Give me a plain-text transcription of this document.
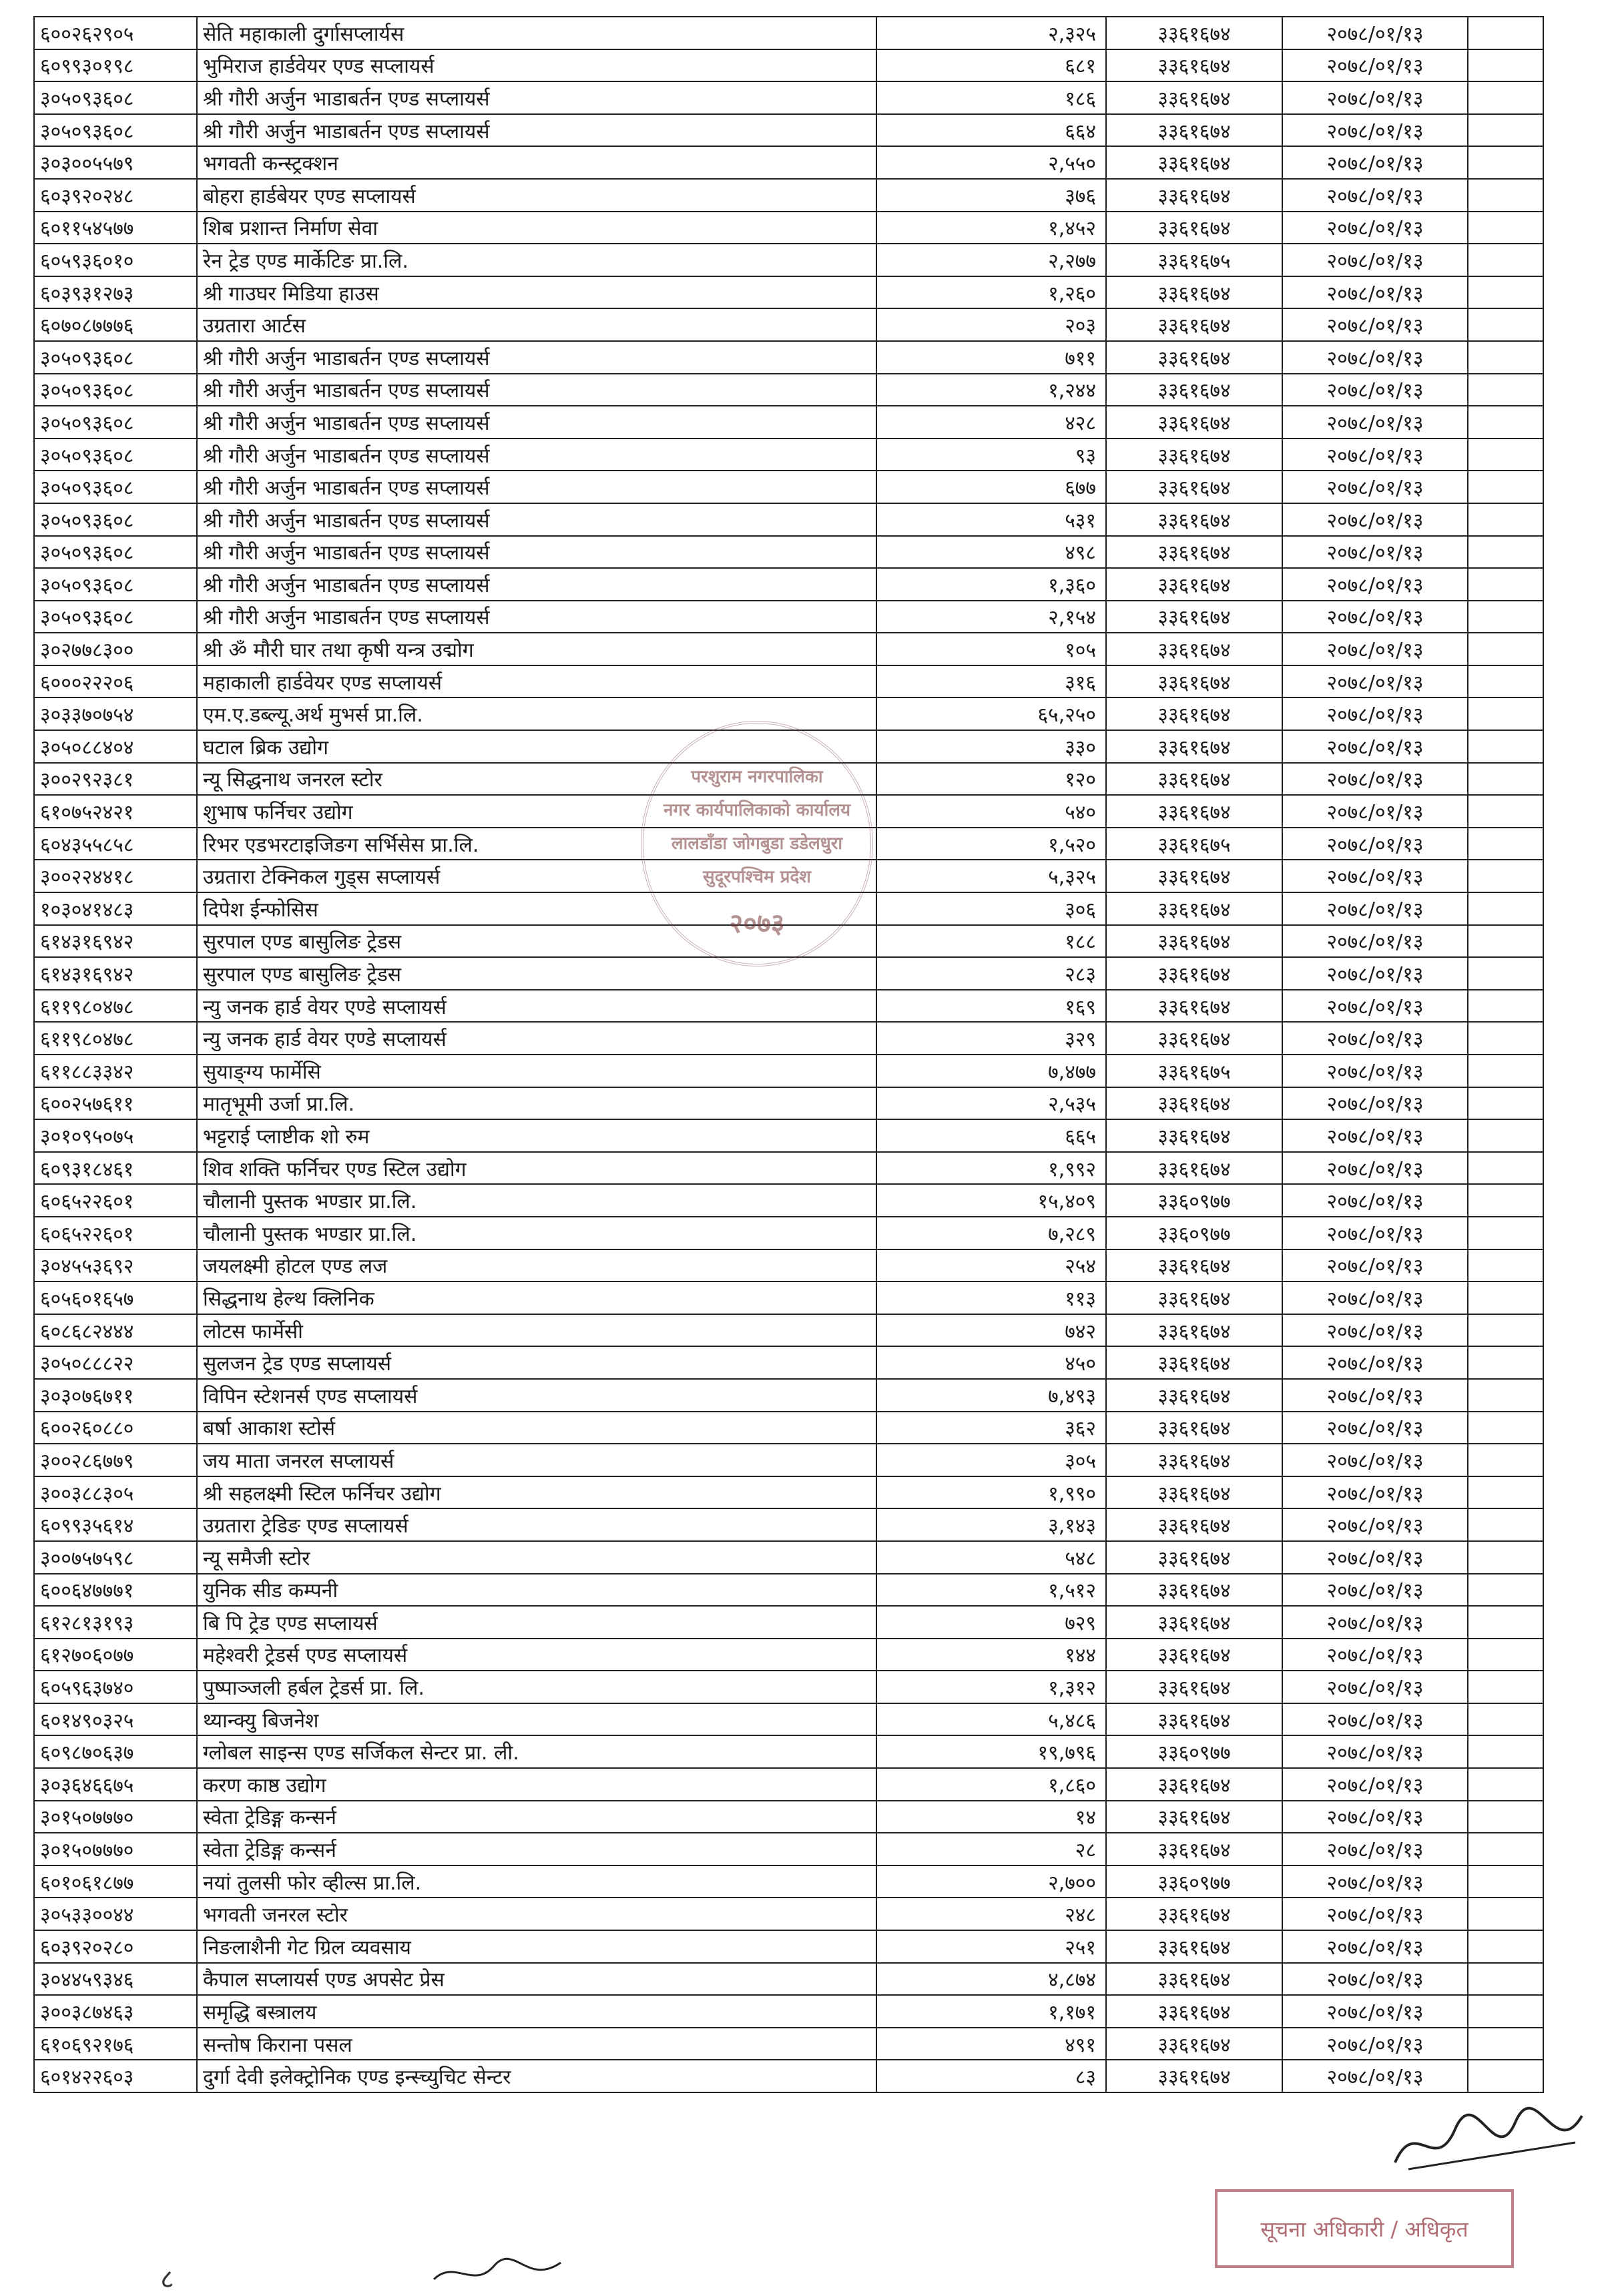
६००२६२९०५	सेति महाकाली दुर्गासप्लार्यस	२,३२५	३३६१६७४	२०७८/०१/१३	
६०९९३०१९८	भुमिराज हार्डवेयर एण्ड सप्लायर्स	६८१	३३६१६७४	२०७८/०१/१३	
३०५०९३६०८	श्री गौरी अर्जुन भाडाबर्तन एण्ड सप्लायर्स	१८६	३३६१६७४	२०७८/०१/१३	
३०५०९३६०८	श्री गौरी अर्जुन भाडाबर्तन एण्ड सप्लायर्स	६६४	३३६१६७४	२०७८/०१/१३	
३०३००५५७९	भगवती कन्स्ट्रक्शन	२,५५०	३३६१६७४	२०७८/०१/१३	
६०३९२०२४८	बोहरा हार्डबेयर एण्ड सप्लायर्स	३७६	३३६१६७४	२०७८/०१/१३	
६०११५४५७७	शिब प्रशान्त निर्माण सेवा	१,४५२	३३६१६७४	२०७८/०१/१३	
६०५९३६०१०	रेन ट्रेड एण्ड मार्केटिङ प्रा.लि.	२,२७७	३३६१६७५	२०७८/०१/१३	
६०३९३१२७३	श्री गाउघर मिडिया हाउस	१,२६०	३३६१६७४	२०७८/०१/१३	
६०७०८७७७६	उग्रतारा आर्टस	२०३	३३६१६७४	२०७८/०१/१३	
३०५०९३६०८	श्री गौरी अर्जुन भाडाबर्तन एण्ड सप्लायर्स	७११	३३६१६७४	२०७८/०१/१३	
३०५०९३६०८	श्री गौरी अर्जुन भाडाबर्तन एण्ड सप्लायर्स	१,२४४	३३६१६७४	२०७८/०१/१३	
३०५०९३६०८	श्री गौरी अर्जुन भाडाबर्तन एण्ड सप्लायर्स	४२८	३३६१६७४	२०७८/०१/१३	
३०५०९३६०८	श्री गौरी अर्जुन भाडाबर्तन एण्ड सप्लायर्स	९३	३३६१६७४	२०७८/०१/१३	
३०५०९३६०८	श्री गौरी अर्जुन भाडाबर्तन एण्ड सप्लायर्स	६७७	३३६१६७४	२०७८/०१/१३	
३०५०९३६०८	श्री गौरी अर्जुन भाडाबर्तन एण्ड सप्लायर्स	५३१	३३६१६७४	२०७८/०१/१३	
३०५०९३६०८	श्री गौरी अर्जुन भाडाबर्तन एण्ड सप्लायर्स	४९८	३३६१६७४	२०७८/०१/१३	
३०५०९३६०८	श्री गौरी अर्जुन भाडाबर्तन एण्ड सप्लायर्स	१,३६०	३३६१६७४	२०७८/०१/१३	
३०५०९३६०८	श्री गौरी अर्जुन भाडाबर्तन एण्ड सप्लायर्स	२,१५४	३३६१६७४	२०७८/०१/१३	
३०२७७८३००	श्री ॐ मौरी घार तथा कृषी यन्त्र उद्मोग	१०५	३३६१६७४	२०७८/०१/१३	
६०००२२२०६	महाकाली हार्डवेयर एण्ड सप्लायर्स	३१६	३३६१६७४	२०७८/०१/१३	
३०३३७०७५४	एम.ए.डब्ल्यू.अर्थ मुभर्स प्रा.लि.	६५,२५०	३३६१६७४	२०७८/०१/१३	
३०५०८८४०४	घटाल ब्रिक उद्योग	३३०	३३६१६७४	२०७८/०१/१३	
३००२९२३८१	न्यू सिद्धनाथ जनरल स्टोर	१२०	३३६१६७४	२०७८/०१/१३	
६१०७५२४२१	शुभाष फर्निचर उद्योग	५४०	३३६१६७४	२०७८/०१/१३	
६०४३५५८५८	रिभर एडभरटाइजिङग सर्भिसेस प्रा.लि.	१,५२०	३३६१६७५	२०७८/०१/१३	
३००२२४४१८	उग्रतारा टेक्निकल गुड्स सप्लायर्स	५,३२५	३३६१६७४	२०७८/०१/१३	
१०३०४१४८३	दिपेश ईन्फोसिस	३०६	३३६१६७४	२०७८/०१/१३	
६१४३१६९४२	सुरपाल एण्ड बासुलिङ ट्रेडस	१८८	३३६१६७४	२०७८/०१/१३	
६१४३१६९४२	सुरपाल एण्ड बासुलिङ ट्रेडस	२८३	३३६१६७४	२०७८/०१/१३	
६११९८०४७८	न्यु जनक हार्ड वेयर एण्डे सप्लायर्स	१६९	३३६१६७४	२०७८/०१/१३	
६११९८०४७८	न्यु जनक हार्ड वेयर एण्डे सप्लायर्स	३२९	३३६१६७४	२०७८/०१/१३	
६११८८३३४२	सुयाङ्ग्य फार्मेसि	७,४७७	३३६१६७५	२०७८/०१/१३	
६००२५७६११	मातृभूमी उर्जा प्रा.लि.	२,५३५	३३६१६७४	२०७८/०१/१३	
३०१०९५०७५	भट्टराई प्लाष्टीक शो रुम	६६५	३३६१६७४	२०७८/०१/१३	
६०९३१८४६१	शिव शक्ति फर्निचर एण्ड स्टिल उद्योग	१,९९२	३३६१६७४	२०७८/०१/१३	
६०६५२२६०१	चौलानी पुस्तक भण्डार प्रा.लि.	१५,४०९	३३६०९७७	२०७८/०१/१३	
६०६५२२६०१	चौलानी पुस्तक भण्डार प्रा.लि.	७,२८९	३३६०९७७	२०७८/०१/१३	
३०४५५३६९२	जयलक्ष्मी होटल एण्ड लज	२५४	३३६१६७४	२०७८/०१/१३	
६०५६०१६५७	सिद्धनाथ हेल्थ क्लिनिक	११३	३३६१६७४	२०७८/०१/१३	
६०८६८२४४४	लोटस फार्मेसी	७४२	३३६१६७४	२०७८/०१/१३	
३०५०८८८२२	सुलजन ट्रेड एण्ड सप्लायर्स	४५०	३३६१६७४	२०७८/०१/१३	
३०३०७६७११	विपिन स्टेशनर्स एण्ड सप्लायर्स	७,४९३	३३६१६७४	२०७८/०१/१३	
६००२६०८८०	बर्षा आकाश स्टोर्स	३६२	३३६१६७४	२०७८/०१/१३	
३००२८६७७९	जय माता जनरल सप्लायर्स	३०५	३३६१६७४	२०७८/०१/१३	
३००३८८३०५	श्री सहलक्ष्मी स्टिल फर्निचर उद्योग	१,९९०	३३६१६७४	२०७८/०१/१३	
६०९९३५६१४	उग्रतारा ट्रेडिङ एण्ड सप्लायर्स	३,१४३	३३६१६७४	२०७८/०१/१३	
३००७५७५९८	न्यू समैजी स्टोर	५४८	३३६१६७४	२०७८/०१/१३	
६००६४७७७१	युनिक सीड कम्पनी	१,५१२	३३६१६७४	२०७८/०१/१३	
६१२८१३१९३	बि पि ट्रेड एण्ड सप्लायर्स	७२९	३३६१६७४	२०७८/०१/१३	
६१२७०६०७७	महेश्वरी ट्रेडर्स एण्ड सप्लायर्स	१४४	३३६१६७४	२०७८/०१/१३	
६०५९६३७४०	पुष्पाञ्जली हर्बल ट्रेडर्स प्रा. लि.	१,३१२	३३६१६७४	२०७८/०१/१३	
६०१४९०३२५	थ्यान्क्यु बिजनेश	५,४८६	३३६१६७४	२०७८/०१/१३	
६०९८७०६३७	ग्लोबल साइन्स एण्ड सर्जिकल सेन्टर प्रा. ली.	१९,७९६	३३६०९७७	२०७८/०१/१३	
३०३६४६६७५	करण काष्ठ उद्योग	१,८६०	३३६१६७४	२०७८/०१/१३	
३०१५०७७७०	स्वेता ट्रेडिङ्ग कन्सर्न	१४	३३६१६७४	२०७८/०१/१३	
३०१५०७७७०	स्वेता ट्रेडिङ्ग कन्सर्न	२८	३३६१६७४	२०७८/०१/१३	
६०१०६१८७७	नयां तुलसी फोर व्हील्स प्रा.लि.	२,७००	३३६०९७७	२०७८/०१/१३	
३०५३३००४४	भगवती जनरल स्टोर	२४८	३३६१६७४	२०७८/०१/१३	
६०३९२०२८०	निङलाशैनी गेट ग्रिल व्यवसाय	२५१	३३६१६७४	२०७८/०१/१३	
३०४४५९३४६	कैपाल सप्लायर्स एण्ड अपसेट प्रेस	४,८७४	३३६१६७४	२०७८/०१/१३	
३००३८७४६३	समृद्धि बस्त्रालय	१,१७१	३३६१६७४	२०७८/०१/१३	
६१०६९२१७६	सन्तोष किराना पसल	४९१	३३६१६७४	२०७८/०१/१३	
६०१४२२६०३	दुर्गा देवी इलेक्ट्रोनिक एण्ड इन्स्च्युचिट सेन्टर	८३	३३६१६७४	२०७८/०१/१३	
परशुराम नगरपालिका
नगर कार्यपालिकाको कार्यालय
लालडाँडा जोगबुडा डडेलधुरा
सुदूरपश्चिम प्रदेश
२०७३
सूचना अधिकारी / अधिकृत
८
